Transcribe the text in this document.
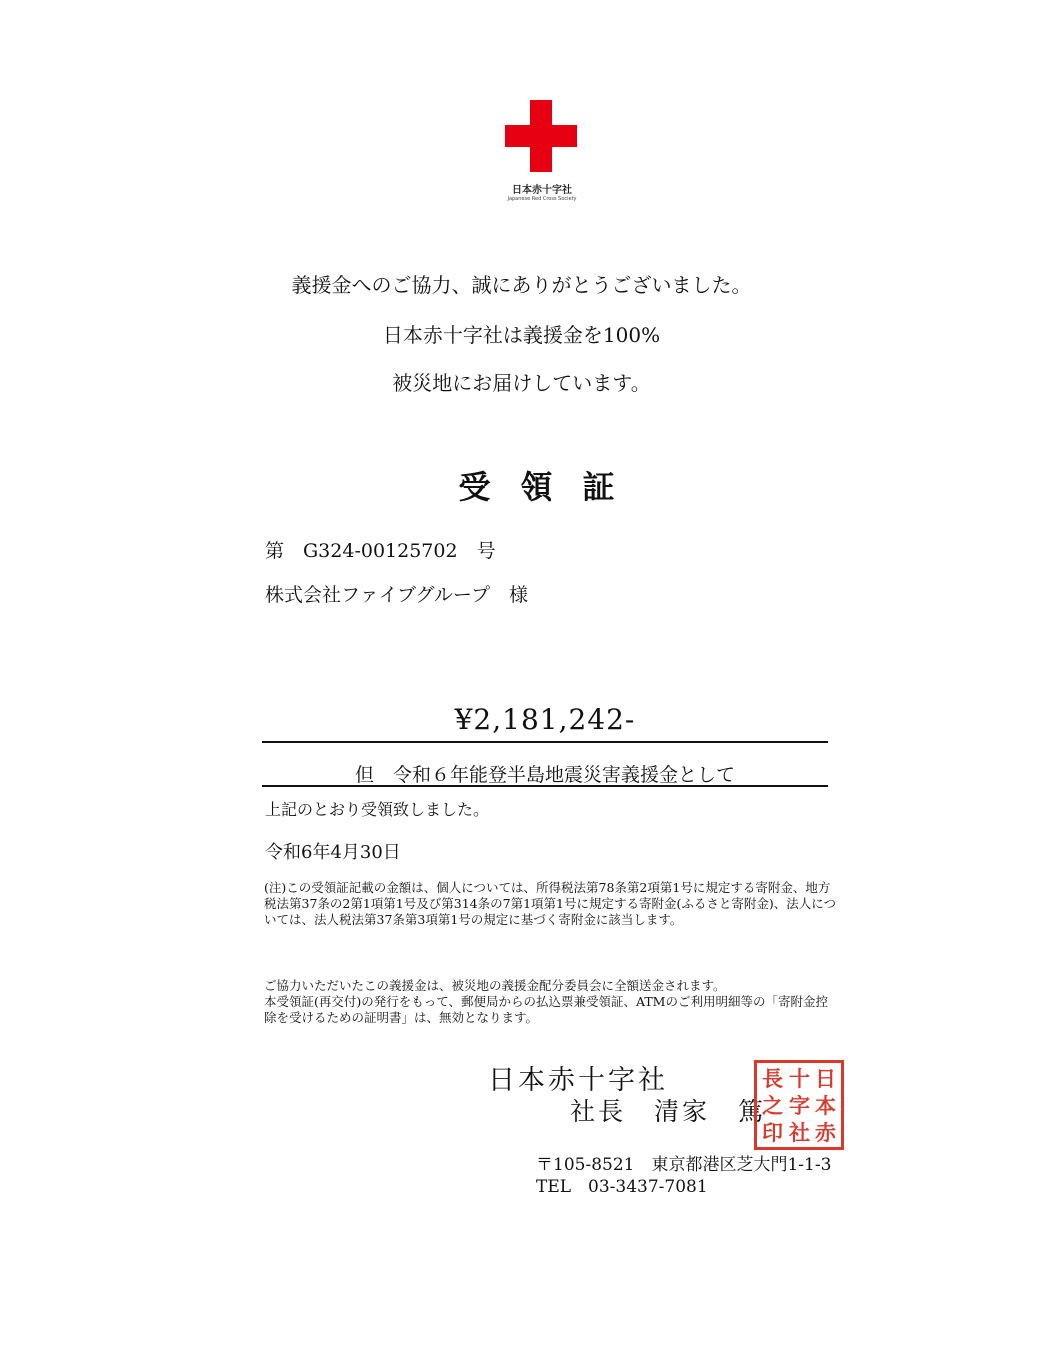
日本赤十字社
Japanese Red Cross Society
義援金へのご協力、誠にありがとうございました。
日本赤十字社は義援金を100%
被災地にお届けしています。
受領証
第　G324-00125702　号
株式会社ファイブグループ　様
¥2,181,242-
但　令和６年能登半島地震災害義援金として
上記のとおり受領致しました。
令和6年4月30日
(注)この受領証記載の金額は、個人については、所得税法第78条第2項第1号に規定する寄附金、地方税法第37条の2第1項第1号及び第314条の7第1項第1号に規定する寄附金(ふるさと寄附金)、法人については、法人税法第37条第3項第1号の規定に基づく寄附金に該当します。
ご協力いただいたこの義援金は、被災地の義援金配分委員会に全額送金されます。
本受領証(再交付)の発行をもって、郵便局からの払込票兼受領証、ATMのご利用明細等の「寄附金控除を受けるための証明書」は、無効となります。
日本赤十字社
社長　清家　篤
日
本
赤
十
字
社
長
之
印
〒105-8521　東京都港区芝大門1-1-3
TEL　03-3437-7081
